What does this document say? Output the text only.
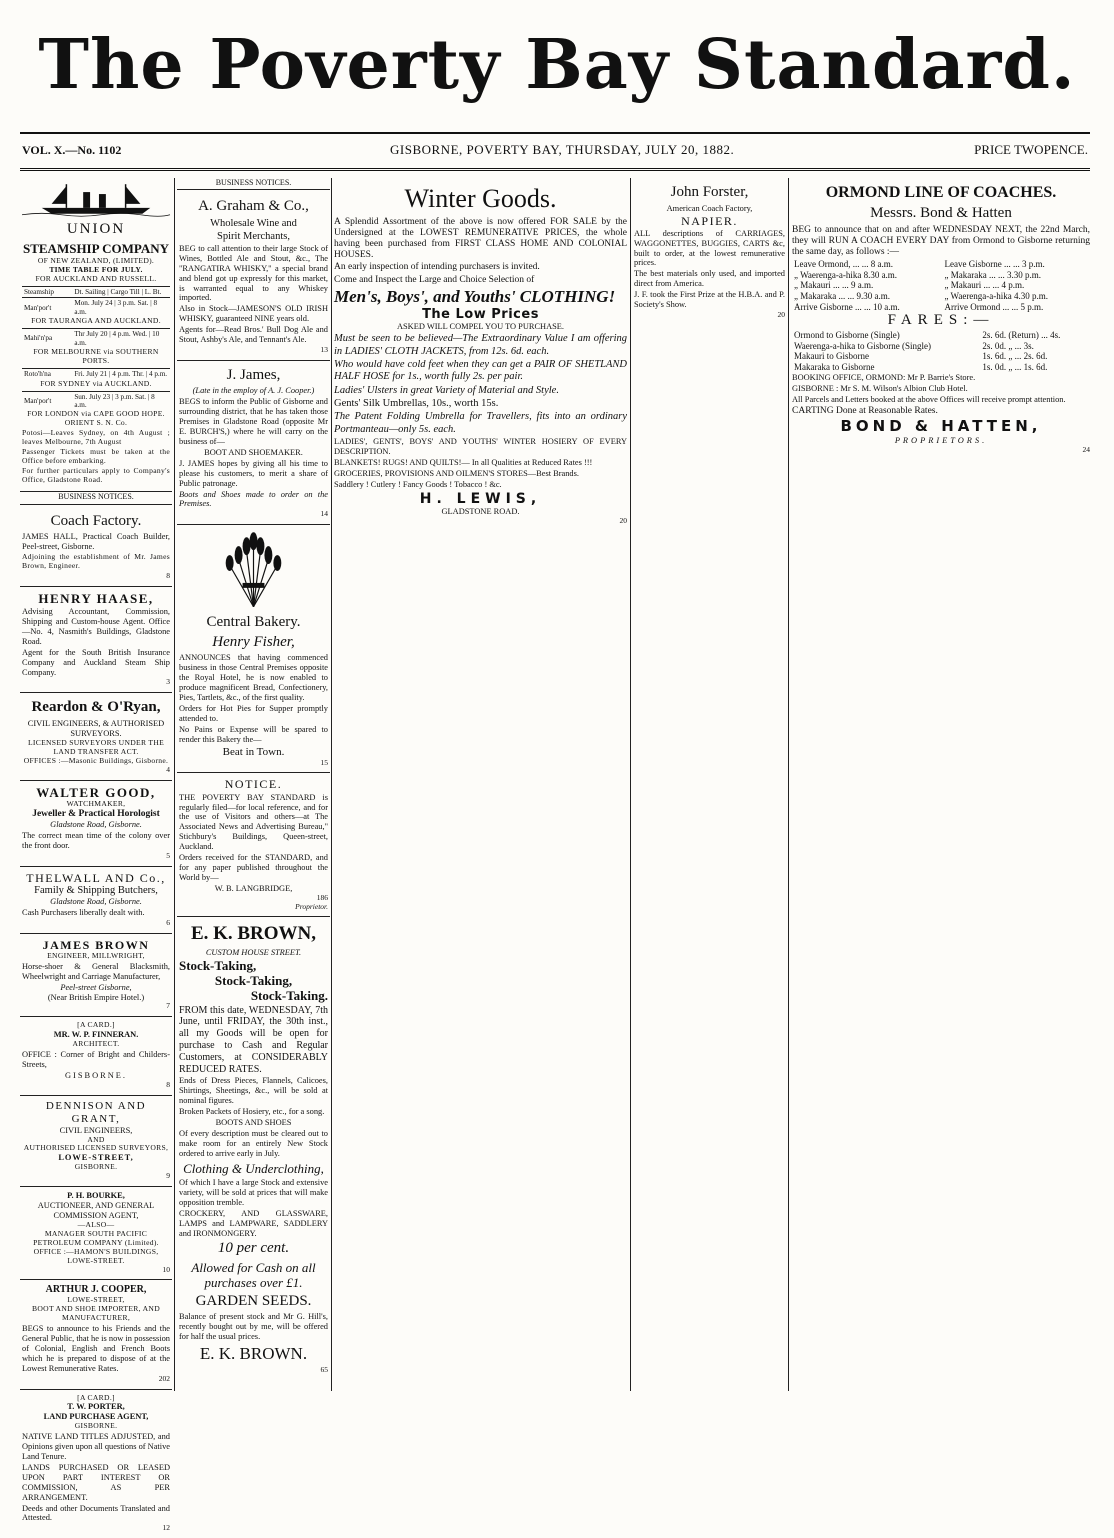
The Poverty Bay Standard.
VOL. X.—No. 1102	GISBORNE, POVERTY BAY, THURSDAY, JULY 20, 1882.	PRICE TWOPENCE.
UNION
STEAMSHIP COMPANY
OF NEW ZEALAND, (LIMITED).
TIME TABLE FOR JULY.
FOR AUCKLAND AND RUSSELL.
Steamship	Dt. Sailing | Cargo Till | L. Bt.
Man'por't	Mon. July 24 | 3 p.m. Sat. | 8 a.m.
FOR TAURANGA AND AUCKLAND.
Mahi'n'pa	Thr July 20 | 4 p.m. Wed. | 10 a.m.
FOR MELBOURNE via SOUTHERN PORTS.
Roto'h'na	Fri. July 21 | 4 p.m. Thr. | 4 p.m.
FOR SYDNEY via AUCKLAND.
Man'por't	Sun. July 23 | 3 p.m. Sat. | 8 a.m.
FOR LONDON via CAPE GOOD HOPE.
ORIENT S. N. Co.
Potosi—Leaves Sydney, on 4th August ; leaves Melbourne, 7th August
Passenger Tickets must be taken at the Office before embarking.
For further particulars apply to Company's Office, Gladstone Road.
BUSINESS NOTICES.
Coach Factory.
JAMES HALL, Practical Coach Builder, Peel-street, Gisborne.
Adjoining the establishment of Mr. James Brown, Engineer.
8
HENRY HAASE,
Advising Accountant, Commission, Shipping and Custom-house Agent. Office—No. 4, Nasmith's Buildings, Gladstone Road.
Agent for the South British Insurance Company and Auckland Steam Ship Company.
3
Reardon & O'Ryan,
CIVIL ENGINEERS, & AUTHORISED SURVEYORS.
LICENSED SURVEYORS UNDER THE LAND TRANSFER ACT.
OFFICES :—Masonic Buildings, Gisborne.
4
WALTER GOOD,
WATCHMAKER,
Jeweller & Practical Horologist
Gladstone Road, Gisborne.
The correct mean time of the colony over the front door.
5
THELWALL AND Co.,
Family & Shipping Butchers,
Gladstone Road, Gisborne.
Cash Purchasers liberally dealt with.
6
JAMES BROWN
ENGINEER, MILLWRIGHT,
Horse-shoer & General Blacksmith, Wheelwright and Carriage Manufacturer,
Peel-street Gisborne,
(Near British Empire Hotel.)
7
[A CARD.]
MR. W. P. FINNERAN.
ARCHITECT.
OFFICE : Corner of Bright and Childers-Streets,
GISBORNE.
8
DENNISON AND GRANT,
CIVIL ENGINEERS,
AND
AUTHORISED LICENSED SURVEYORS,
LOWE-STREET,
GISBORNE.
9
P. H. BOURKE,
AUCTIONEER, AND GENERAL
COMMISSION AGENT,
—ALSO—
MANAGER SOUTH PACIFIC PETROLEUM COMPANY (Limited).
OFFICE :—HAMON'S BUILDINGS, LOWE-STREET.
10
ARTHUR J. COOPER,
LOWE-STREET,
BOOT AND SHOE IMPORTER, AND MANUFACTURER,
BEGS to announce to his Friends and the General Public, that he is now in possession of Colonial, English and French Boots which he is prepared to dispose of at the Lowest Remunerative Rates.
202
[A CARD.]
T. W. PORTER,
LAND PURCHASE AGENT,
GISBORNE.
NATIVE LAND TITLES ADJUSTED, and Opinions given upon all questions of Native Land Tenure.
LANDS PURCHASED OR LEASED UPON PART INTEREST OR COMMISSION, AS PER ARRANGEMENT.
Deeds and other Documents Translated and Attested.
12
BUSINESS NOTICES.
A. Graham & Co.,
Wholesale Wine and
Spirit Merchants,
BEG to call attention to their large Stock of Wines, Bottled Ale and Stout, &c., The "RANGATIRA WHISKY," a special brand and blend got up expressly for this market, is warranted equal to any Whiskey imported.
Also in Stock—JAMESON'S OLD IRISH WHISKY, guaranteed NINE years old.
Agents for—Read Bros.' Bull Dog Ale and Stout, Ashby's Ale, and Tennant's Ale.
13
J. James,
(Late in the employ of A. J. Cooper.)
BEGS to inform the Public of Gisborne and surrounding district, that he has taken those Premises in Gladstone Road (opposite Mr E. BURCH'S,) where he will carry on the business of—
BOOT AND SHOEMAKER.
J. JAMES hopes by giving all his time to please his customers, to merit a share of Public patronage.
Boots and Shoes made to order on the Premises.
14
Central Bakery.
Henry Fisher,
ANNOUNCES that having commenced business in those Central Premises opposite the Royal Hotel, he is now enabled to produce magnificent Bread, Confectionery, Pies, Tartlets, &c., of the first quality.
Orders for Hot Pies for Supper promptly attended to.
No Pains or Expense will be spared to render this Bakery the—
Beat in Town.
15
NOTICE.
THE POVERTY BAY STANDARD is regularly filed—for local reference, and for the use of Visitors and others—at The Associated News and Advertising Bureau," Stichbury's Buildings, Queen-street, Auckland.
Orders received for the STANDARD, and for any paper published throughout the World by—
W. B. LANGBRIDGE,
186
Proprietor.
E. K. BROWN,
CUSTOM HOUSE STREET.
Stock-Taking,
Stock-Taking,
Stock-Taking.
FROM this date, WEDNESDAY, 7th June, until FRIDAY, the 30th inst., all my Goods will be open for purchase to Cash and Regular Customers, at CONSIDERABLY REDUCED RATES.
Ends of Dress Pieces, Flannels, Calicoes, Shirtings, Sheetings, &c., will be sold at nominal figures.
Broken Packets of Hosiery, etc., for a song.
BOOTS AND SHOES
Of every description must be cleared out to make room for an entirely New Stock ordered to arrive early in July.
Clothing & Underclothing,
Of which I have a large Stock and extensive variety, will be sold at prices that will make opposition tremble.
CROCKERY, AND GLASSWARE, LAMPS and LAMPWARE, SADDLERY and IRONMONGERY.
10 per cent.
Allowed for Cash on all purchases over £1.
GARDEN SEEDS.
Balance of present stock and Mr G. Hill's, recently bought out by me, will be offered for half the usual prices.
E. K. BROWN.
65
Winter Goods.
A Splendid Assortment of the above is now offered FOR SALE by the Undersigned at the LOWEST REMUNERATIVE PRICES, the whole having been purchased from FIRST CLASS HOME AND COLONIAL HOUSES.
An early inspection of intending purchasers is invited.
Come and Inspect the Large and Choice Selection of
Men's, Boys', and Youths' CLOTHING!
The Low Prices
ASKED WILL COMPEL YOU TO PURCHASE.
Must be seen to be believed—The Extraordinary Value I am offering in LADIES' CLOTH JACKETS, from 12s. 6d. each.
Who would have cold feet when they can get a PAIR OF SHETLAND HALF HOSE for 1s., worth fully 2s. per pair.
Ladies' Ulsters in great Variety of Material and Style.
Gents' Silk Umbrellas, 10s., worth 15s.
The Patent Folding Umbrella for Travellers, fits into an ordinary Portmanteau—only 5s. each.
LADIES', GENTS', BOYS' AND YOUTHS' WINTER HOSIERY OF EVERY DESCRIPTION.
BLANKETS! RUGS! AND QUILTS!— In all Qualities at Reduced Rates !!!
GROCERIES, PROVISIONS AND OILMEN'S STORES—Best Brands.
Saddlery ! Cutlery ! Fancy Goods ! Tobacco ! &c.
H. LEWIS,
GLADSTONE ROAD.
20
John Forster,
American Coach Factory,
NAPIER.
ALL descriptions of CARRIAGES, WAGGONETTES, BUGGIES, CARTS &c, built to order, at the lowest remunerative prices.
The best materials only used, and imported direct from America.
J. F. took the First Prize at the H.B.A. and P. Society's Show.
20
ORMOND LINE OF COACHES.
Messrs. Bond & Hatten
BEG to announce that on and after WEDNESDAY NEXT, the 22nd March, they will RUN A COACH EVERY DAY from Ormond to Gisborne returning the same day, as follows :—
Leave Ormond, ... ... 8 a.m.	Leave Gisborne ... ... 3 p.m.
„ Waerenga-a-hika 8.30 a.m.	„ Makaraka ... ... 3.30 p.m.
„ Makauri ... ... 9 a.m.	„ Makauri ... ... 4 p.m.
„ Makaraka ... ... 9.30 a.m.	„ Waerenga-a-hika 4.30 p.m.
Arrive Gisborne ... ... 10 a.m.	Arrive Ormond ... ... 5 p.m.
FARES:—
Ormond to Gisborne (Single)	2s. 6d. (Return) ... 4s.
Waerenga-a-hika to Gisborne (Single)	2s. 0d. „ ... 3s.
Makauri to Gisborne	1s. 6d. „ ... 2s. 6d.
Makaraka to Gisborne	1s. 0d. „ ... 1s. 6d.
BOOKING OFFICE, ORMOND: Mr P. Barrie's Store.
GISBORNE : Mr S. M. Wilson's Albion Club Hotel.
All Parcels and Letters booked at the above Offices will receive prompt attention.
CARTING Done at Reasonable Rates.
BOND & HATTEN,
PROPRIETORS.
24
